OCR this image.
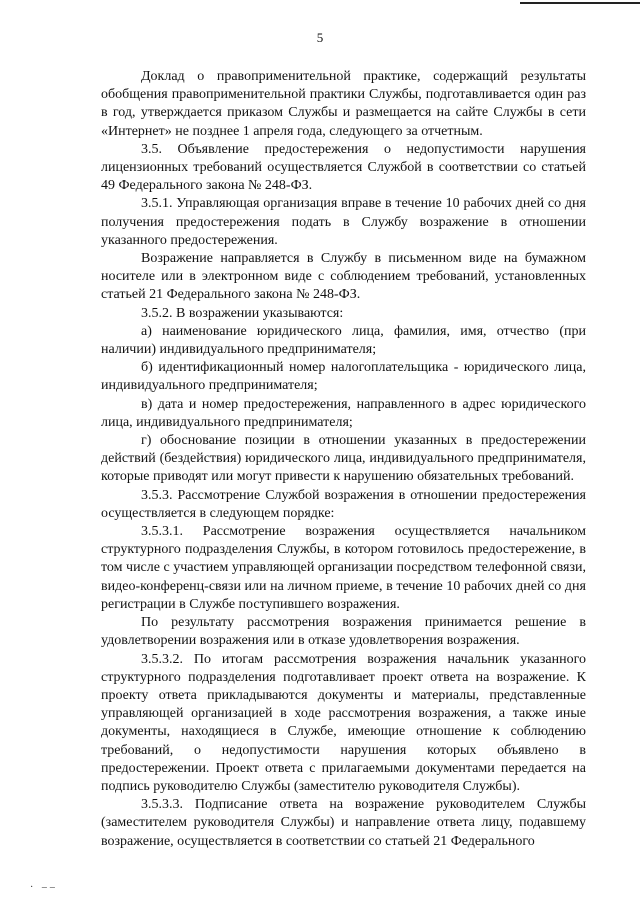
5

Доклад о правоприменительной практике, содержащий результаты обобщения правоприменительной практики Службы, подготавливается один раз в год, утверждается приказом Службы и размещается на сайте Службы в сети «Интернет» не позднее 1 апреля года, следующего за отчетным.

3.5. Объявление предостережения о недопустимости нарушения лицензионных требований осуществляется Службой в соответствии со статьей 49 Федерального закона № 248-ФЗ.

3.5.1. Управляющая организация вправе в течение 10 рабочих дней со дня получения предостережения подать в Службу возражение в отношении указанного предостережения.

Возражение направляется в Службу в письменном виде на бумажном носителе или в электронном виде с соблюдением требований, установленных статьей 21 Федерального закона № 248-ФЗ.

3.5.2. В возражении указываются:

а) наименование юридического лица, фамилия, имя, отчество (при наличии) индивидуального предпринимателя;

б) идентификационный номер налогоплательщика - юридического лица, индивидуального предпринимателя;

в) дата и номер предостережения, направленного в адрес юридического лица, индивидуального предпринимателя;

г) обоснование позиции в отношении указанных в предостережении действий (бездействия) юридического лица, индивидуального предпринимателя, которые приводят или могут привести к нарушению обязательных требований.

3.5.3. Рассмотрение Службой возражения в отношении предостережения осуществляется в следующем порядке:

3.5.3.1. Рассмотрение возражения осуществляется начальником структурного подразделения Службы, в котором готовилось предостережение, в том числе с участием управляющей организации посредством телефонной связи, видео-конференц-связи или на личном приеме, в течение 10 рабочих дней со дня регистрации в Службе поступившего возражения.

По результату рассмотрения возражения принимается решение в удовлетворении возражения или в отказе удовлетворения возражения.

3.5.3.2. По итогам рассмотрения возражения начальник указанного структурного подразделения подготавливает проект ответа на возражение. К проекту ответа прикладываются документы и материалы, представленные управляющей организацией в ходе рассмотрения возражения, а также иные документы, находящиеся в Службе, имеющие отношение к соблюдению требований, о недопустимости нарушения которых объявлено в предостережении. Проект ответа с прилагаемыми документами передается на подпись руководителю Службы (заместителю руководителя Службы).

3.5.3.3. Подписание ответа на возражение руководителем Службы (заместителем руководителя Службы) и направление ответа лицу, подавшему возражение, осуществляется в соответствии со статьей 21 Федерального

· ––
